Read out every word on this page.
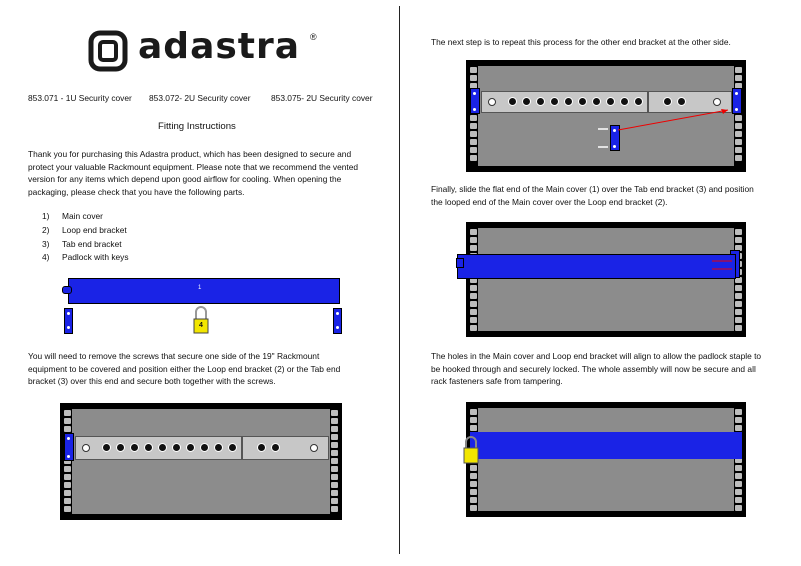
adastra ®
853.071 - 1U Security cover 853.072- 2U Security cover 853.075- 2U Security cover
Fitting Instructions
Thank you for purchasing this Adastra product, which has been designed to secure and
protect your valuable Rackmount equipment. Please note that we recommend the vented
version for any items which depend upon good airflow for cooling. When opening the
packaging, please check that you have the following parts.
1) Main cover
2) Loop end bracket
3) Tab end bracket
4) Padlock with keys
1
4
You will need to remove the screws that secure one side of the 19" Rackmount
equipment to be covered and position either the Loop end bracket (2) or the Tab end
bracket (3) over this end and secure both together with the screws.
The next step is to repeat this process for the other end bracket at the other side.
Finally, slide the flat end of the Main cover (1) over the Tab end bracket (3) and position
the looped end of the Main cover over the Loop end bracket (2).
The holes in the Main cover and Loop end bracket will align to allow the padlock staple to
be hooked through and securely locked. The whole assembly will now be secure and all
rack fasteners safe from tampering.
